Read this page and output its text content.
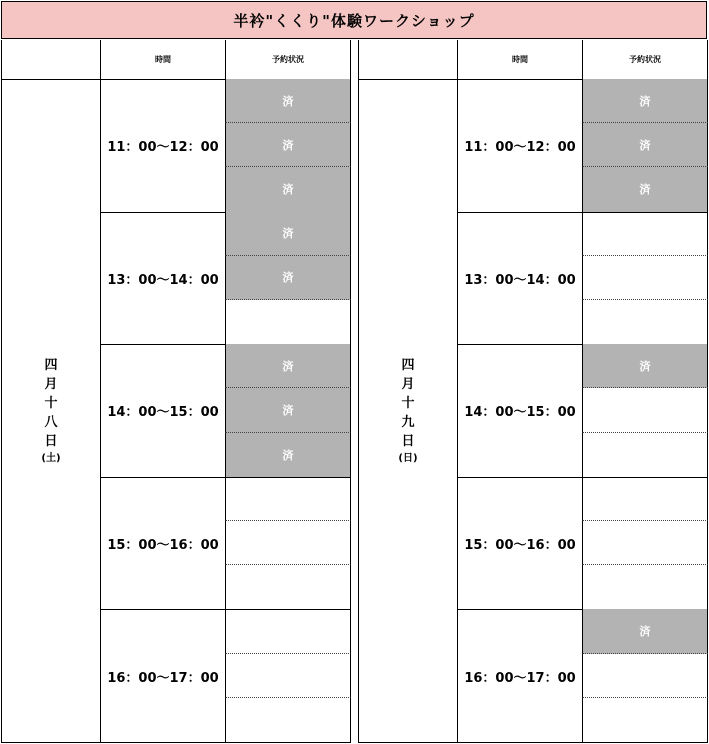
半衿"くくり"体験ワークショップ
時間	予約状況
四
月
十
八
日
(土)
11：00〜12：00
済
済
済
13：00〜14：00
済
済
14：00〜15：00
済
済
済
15：00〜16：00
16：00〜17：00
時間	予約状況
四
月
十
九
日
(日)
11：00〜12：00
済
済
済
13：00〜14：00
14：00〜15：00
済
15：00〜16：00
16：00〜17：00
済
